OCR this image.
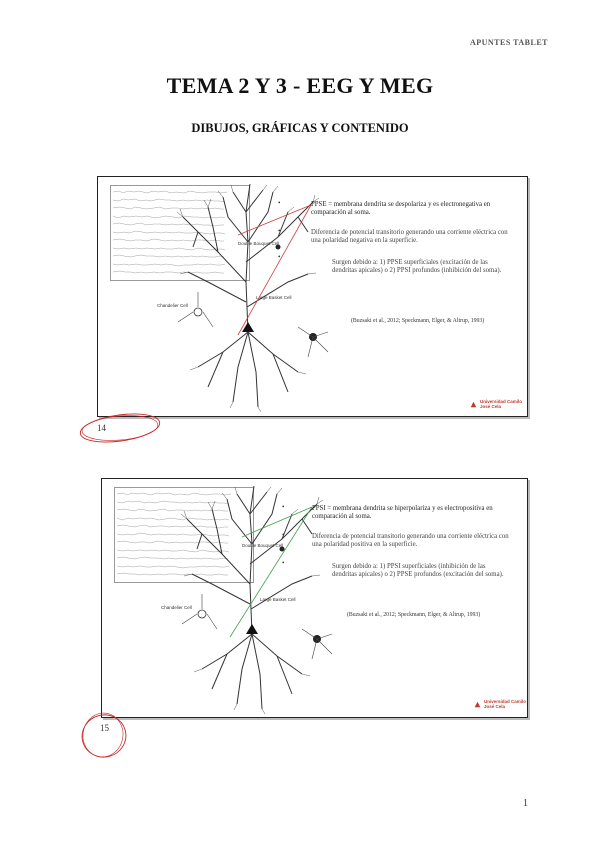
APUNTES TABLET
TEMA 2 Y 3 - EEG Y MEG
DIBUJOS, GRÁFICAS Y CONTENIDO
Double Bouquet Cell
Large Basket Cell
Chandelier Cell
•	PPSE = membrana dendrita se despolariza y es electronegativa en comparación al soma.
•	Diferencia de potencial transitorio generando una corriente eléctrica con una polaridad negativa en la superficie.
•
Surgen debido a: 1) PPSE superficiales (excitación de las dendritas apicales) o 2) PPSI profundos (inhibición del soma).
(Buzsaki et al., 2012; Speckmann, Elger, & Altrup, 1993)
Universidad Camilo José Cela
14
Double Bouquet Cell
Large Basket Cell
Chandelier Cell
•	PPSI = membrana dendrita se hiperpolariza y es electropositiva en comparación al soma.
•	Diferencia de potencial transitorio generando una corriente eléctrica con una polaridad positiva en la superficie.
•	Surgen debido a: 1) PPSI superficiales (inhibición de las dendritas apicales) o 2) PPSE profundos (excitación del soma).
(Buzsaki et al., 2012; Speckmann, Elger, & Altrup, 1993)
Universidad Camilo José Cela
15
1
